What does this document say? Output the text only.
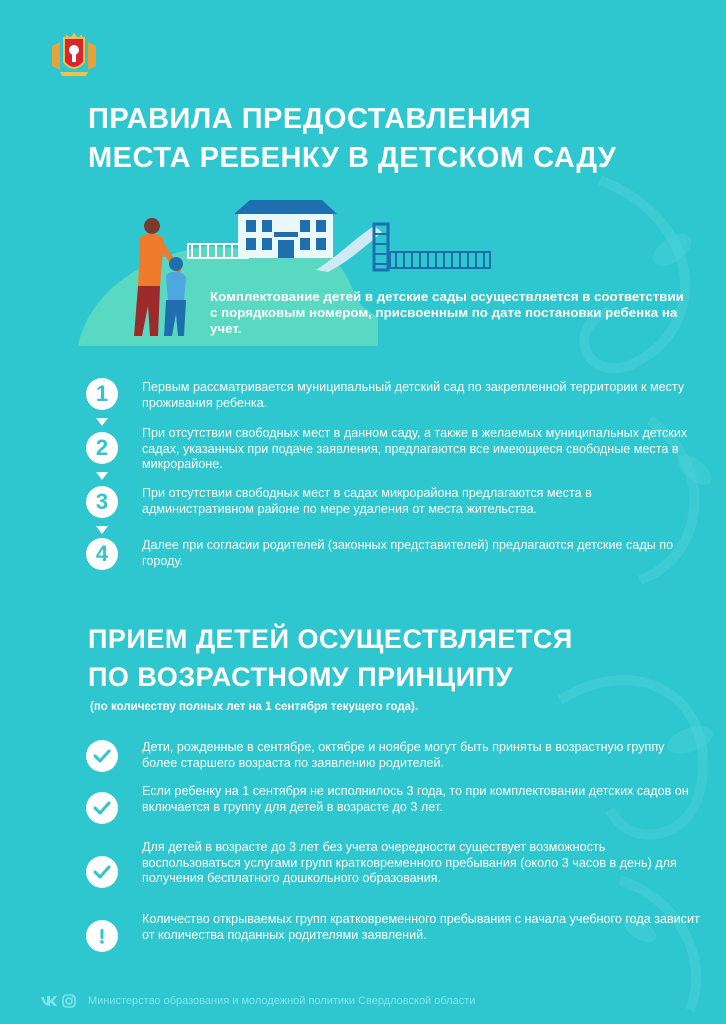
ПРАВИЛА ПРЕДОСТАВЛЕНИЯ
МЕСТА РЕБЕНКУ В ДЕТСКОМ САДУ
Комплектование детей в детские сады осуществляется в соответствии с порядковым номером, присвоенным по дате постановки ребенка на учет.
1	Первым рассматривается муниципальный детский сад по закрепленной территории к месту проживания ребенка.
2
При отсутствии свободных мест в данном саду, а также в желаемых муниципальных детских садах, указанных при подаче заявления, предлагаются все имеющиеся свободные места в микрорайоне.
3	При отсутствии свободных мест в садах микрорайона предлагаются места в административном районе по мере удаления от места жительства.
4	Далее при согласии родителей (законных представителей) предлагаются детские сады по городу.
ПРИЕМ ДЕТЕЙ ОСУЩЕСТВЛЯЕТСЯ
ПО ВОЗРАСТНОМУ ПРИНЦИПУ
(по количеству полных лет на 1 сентября текущего года).
Дети, рожденные в сентябре, октябре и ноябре могут быть приняты в возрастную группу более старшего возраста по заявлению родителей.
Если ребенку на 1 сентября не исполнилось 3 года, то при комплектовании детских садов он включается в группу для детей в возрасте до 3 лет.
Для детей в возрасте до 3 лет без учета очередности существует возможность воспользоваться услугами групп кратковременного пребывания (около 3 часов в день) для получения бесплатного дошкольного образования.
Количество открываемых групп кратковременного пребывания с начала учебного года зависит от количества поданных родителями заявлений.
Министерство образования и молодежной политики Свердловской области
